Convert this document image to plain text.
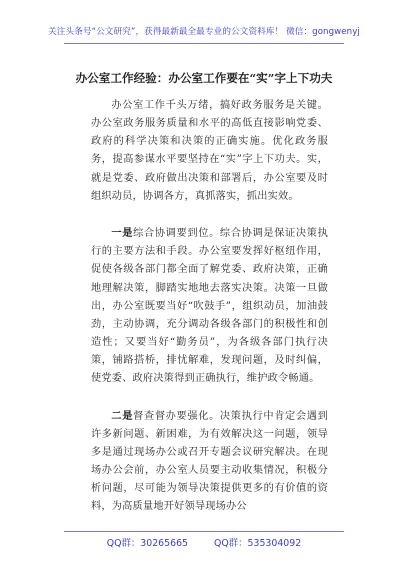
关注头条号“公文研究”，获得最新最全最专业的公文资料库！ 微信：gongwenyj
办公室工作经验：办公室工作要在“实”字上下功夫

办公室工作千头万绪，搞好政务服务是关键。办公室政务服务质量和水平的高低直接影响党委、政府的科学决策和决策的正确实施。优化政务服务，提高参谋水平要坚持在“实”字上下功夫。实，就是党委、政府做出决策和部署后，办公室要及时组织动员，协调各方，真抓落实，抓出实效。

一是综合协调要到位。综合协调是保证决策执行的主要方法和手段。办公室要发挥好枢纽作用，促使各级各部门都全面了解党委、政府决策，正确地理解决策，脚踏实地地去落实决策。决策一旦做出，办公室既要当好“吹鼓手”，组织动员，加油鼓劲，主动协调，充分调动各级各部门的积极性和创造性；又要当好“勤务员”，为各级各部门执行决策，铺路搭桥，排忧解难，发现问题，及时纠偏，使党委、政府决策得到正确执行，维护政令畅通。

二是督查督办要强化。决策执行中肯定会遇到许多新问题、新困难，为有效解决这一问题，领导多是通过现场办公或召开专题会议研究解决。在现场办公会前，办公室人员要主动收集情况，积极分析问题，尽可能为领导决策提供更多的有价值的资料，为高质量地开好领导现场办公

QQ群：30265665	QQ群：535304092
